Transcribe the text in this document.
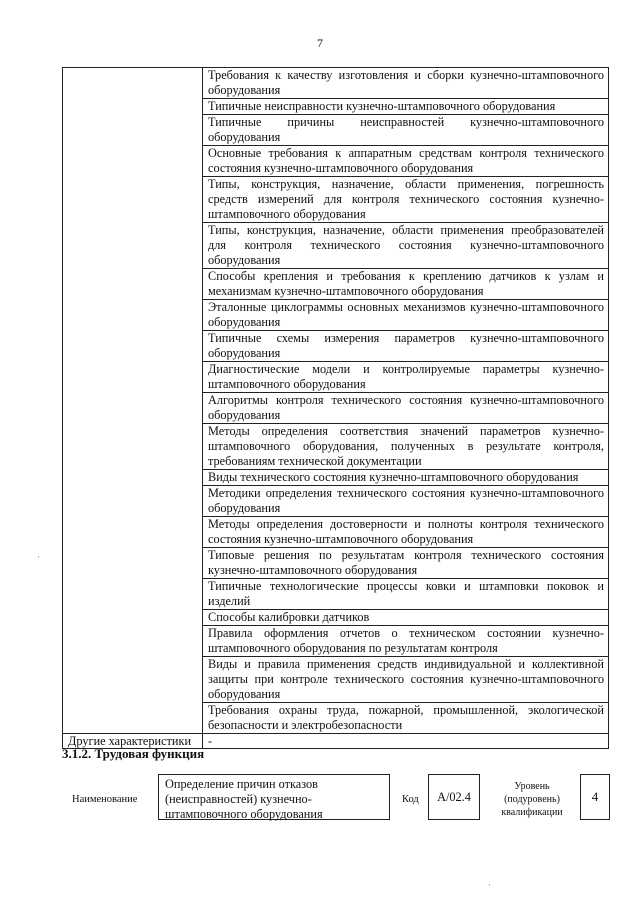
7
	Требования к качеству изготовления и сборки кузнечно-штамповочного оборудования
	Типичные неисправности кузнечно-штамповочного оборудования
	Типичные причины неисправностей кузнечно-штамповочного оборудования
	Основные требования к аппаратным средствам контроля технического состояния кузнечно-штамповочного оборудования
	Типы, конструкция, назначение, области применения, погрешность средств измерений для контроля технического состояния кузнечно-штамповочного оборудования
	Типы, конструкция, назначение, области применения преобразователей для контроля технического состояния кузнечно-штамповочного оборудования
	Способы крепления и требования к креплению датчиков к узлам и механизмам кузнечно-штамповочного оборудования
	Эталонные циклограммы основных механизмов кузнечно-штамповочного оборудования
	Типичные схемы измерения параметров кузнечно-штамповочного оборудования
	Диагностические модели и контролируемые параметры кузнечно-штамповочного оборудования
	Алгоритмы контроля технического состояния кузнечно-штамповочного оборудования
	Методы определения соответствия значений параметров кузнечно-штамповочного оборудования, полученных в результате контроля, требованиям технической документации
	Виды технического состояния кузнечно-штамповочного оборудования
	Методики определения технического состояния кузнечно-штамповочного оборудования
	Методы определения достоверности и полноты контроля технического состояния кузнечно-штамповочного оборудования
	Типовые решения по результатам контроля технического состояния кузнечно-штамповочного оборудования
	Типичные технологические процессы ковки и штамповки поковок и изделий
	Способы калибровки датчиков
	Правила оформления отчетов о техническом состоянии кузнечно-штамповочного оборудования по результатам контроля
	Виды и правила применения средств индивидуальной и коллективной защиты при контроле технического состояния кузнечно-штамповочного оборудования
	Требования охраны труда, пожарной, промышленной, экологической безопасности и электробезопасности
Другие характеристики	-
3.1.2. Трудовая функция
Наименование
Определение причин отказов (неисправностей) кузнечно-штамповочного оборудования
Код	A/02.4
Уровень
(подуровень)
квалификации
4
·
·
